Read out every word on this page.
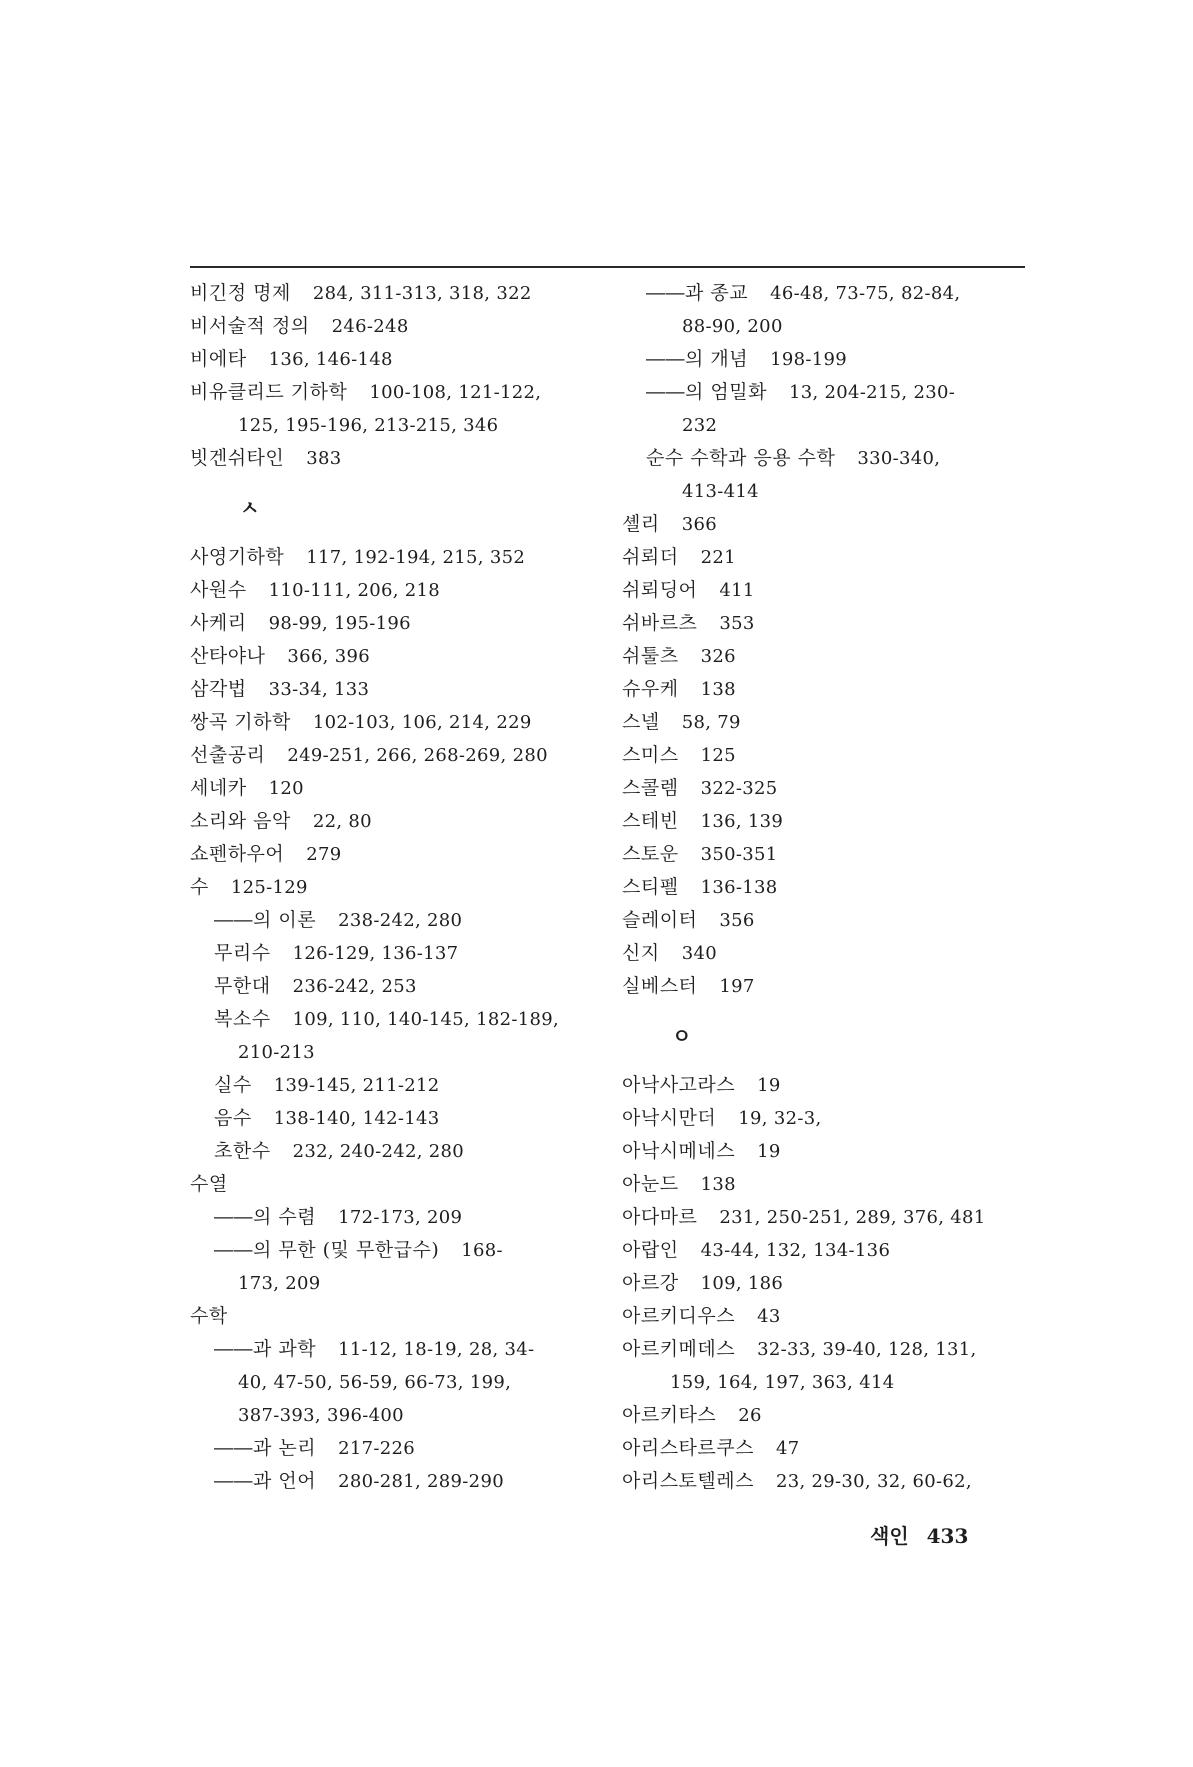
비긴정 명제 284, 311-313, 318, 322
비서술적 정의 246-248
비에타 136, 146-148
비유클리드 기하학 100-108, 121-122,
125, 195-196, 213-215, 346
빗겐쉬타인 383
ㅅ
사영기하학 117, 192-194, 215, 352
사원수 110-111, 206, 218
사케리 98-99, 195-196
산타야나 366, 396
삼각법 33-34, 133
쌍곡 기하학 102-103, 106, 214, 229
선출공리 249-251, 266, 268-269, 280
세네카 120
소리와 음악 22, 80
쇼펜하우어 279
수 125-129
――의 이론 238-242, 280
무리수 126-129, 136-137
무한대 236-242, 253
복소수 109, 110, 140-145, 182-189,
210-213
실수 139-145, 211-212
음수 138-140, 142-143
초한수 232, 240-242, 280
수열
――의 수렴 172-173, 209
――의 무한 (및 무한급수) 168-
173, 209
수학
――과 과학 11-12, 18-19, 28, 34-
40, 47-50, 56-59, 66-73, 199,
387-393, 396-400
――과 논리 217-226
――과 언어 280-281, 289-290
――과 종교 46-48, 73-75, 82-84,
88-90, 200
――의 개념 198-199
――의 엄밀화 13, 204-215, 230-
232
순수 수학과 응용 수학 330-340,
413-414
셸리 366
쉬뢰더 221
쉬뢰딩어 411
쉬바르츠 353
쉬툴츠 326
슈우케 138
스넬 58, 79
스미스 125
스콜렘 322-325
스테빈 136, 139
스토운 350-351
스티펠 136-138
슬레이터 356
신지 340
실베스터 197
ㅇ
아낙사고라스 19
아낙시만더 19, 32-3,
아낙시메네스 19
아눈드 138
아다마르 231, 250-251, 289, 376, 481
아랍인 43-44, 132, 134-136
아르강 109, 186
아르키디우스 43
아르키메데스 32-33, 39-40, 128, 131,
159, 164, 197, 363, 414
아르키타스 26
아리스타르쿠스 47
아리스토텔레스 23, 29-30, 32, 60-62,
색인 433
